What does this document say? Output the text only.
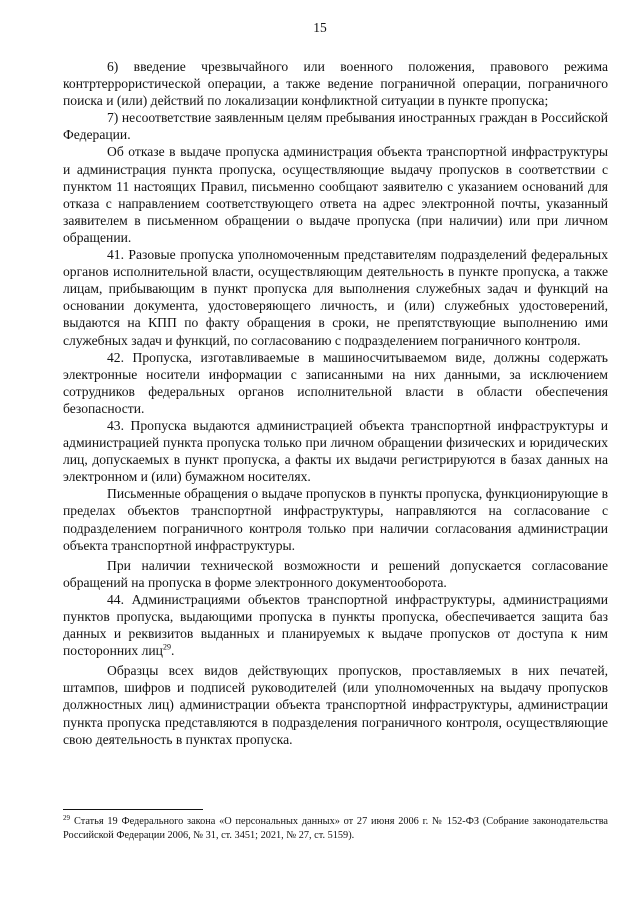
15

6) введение чрезвычайного или военного положения, правового режима контртеррористической операции, а также ведение пограничной операции, пограничного поиска и (или) действий по локализации конфликтной ситуации в пункте пропуска;

7) несоответствие заявленным целям пребывания иностранных граждан в Российской Федерации.

Об отказе в выдаче пропуска администрация объекта транспортной инфраструктуры и администрация пункта пропуска, осуществляющие выдачу пропусков в соответствии с пунктом 11 настоящих Правил, письменно сообщают заявителю с указанием оснований для отказа с направлением соответствующего ответа на адрес электронной почты, указанный заявителем в письменном обращении о выдаче пропуска (при наличии) или при личном обращении.

41. Разовые пропуска уполномоченным представителям подразделений федеральных органов исполнительной власти, осуществляющим деятельность в пункте пропуска, а также лицам, прибывающим в пункт пропуска для выполнения служебных задач и функций на основании документа, удостоверяющего личность, и (или) служебных удостоверений, выдаются на КПП по факту обращения в сроки, не препятствующие выполнению ими служебных задач и функций, по согласованию с подразделением пограничного контроля.

42. Пропуска, изготавливаемые в машиносчитываемом виде, должны содержать электронные носители информации с записанными на них данными, за исключением сотрудников федеральных органов исполнительной власти в области обеспечения безопасности.

43. Пропуска выдаются администрацией объекта транспортной инфраструктуры и администрацией пункта пропуска только при личном обращении физических и юридических лиц, допускаемых в пункт пропуска, а факты их выдачи регистрируются в базах данных на электронном и (или) бумажном носителях.

Письменные обращения о выдаче пропусков в пункты пропуска, функционирующие в пределах объектов транспортной инфраструктуры, направляются на согласование с подразделением пограничного контроля только при наличии согласования администрации объекта транспортной инфраструктуры.

При наличии технической возможности и решений допускается согласование обращений на пропуска в форме электронного документооборота.

44. Администрациями объектов транспортной инфраструктуры, администрациями пунктов пропуска, выдающими пропуска в пункты пропуска, обеспечивается защита баз данных и реквизитов выданных и планируемых к выдаче пропусков от доступа к ним посторонних лиц$^{29}$.

Образцы всех видов действующих пропусков, проставляемых в них печатей, штампов, шифров и подписей руководителей (или уполномоченных на выдачу пропусков должностных лиц) администрации объекта транспортной инфраструктуры, администрации пункта пропуска представляются в подразделения пограничного контроля, осуществляющие свою деятельность в пунктах пропуска.

$^{29}$ Статья 19 Федерального закона «О персональных данных» от 27 июня 2006 г. № 152-ФЗ (Собрание законодательства Российской Федерации 2006, № 31, ст. 3451; 2021, № 27, ст. 5159).
